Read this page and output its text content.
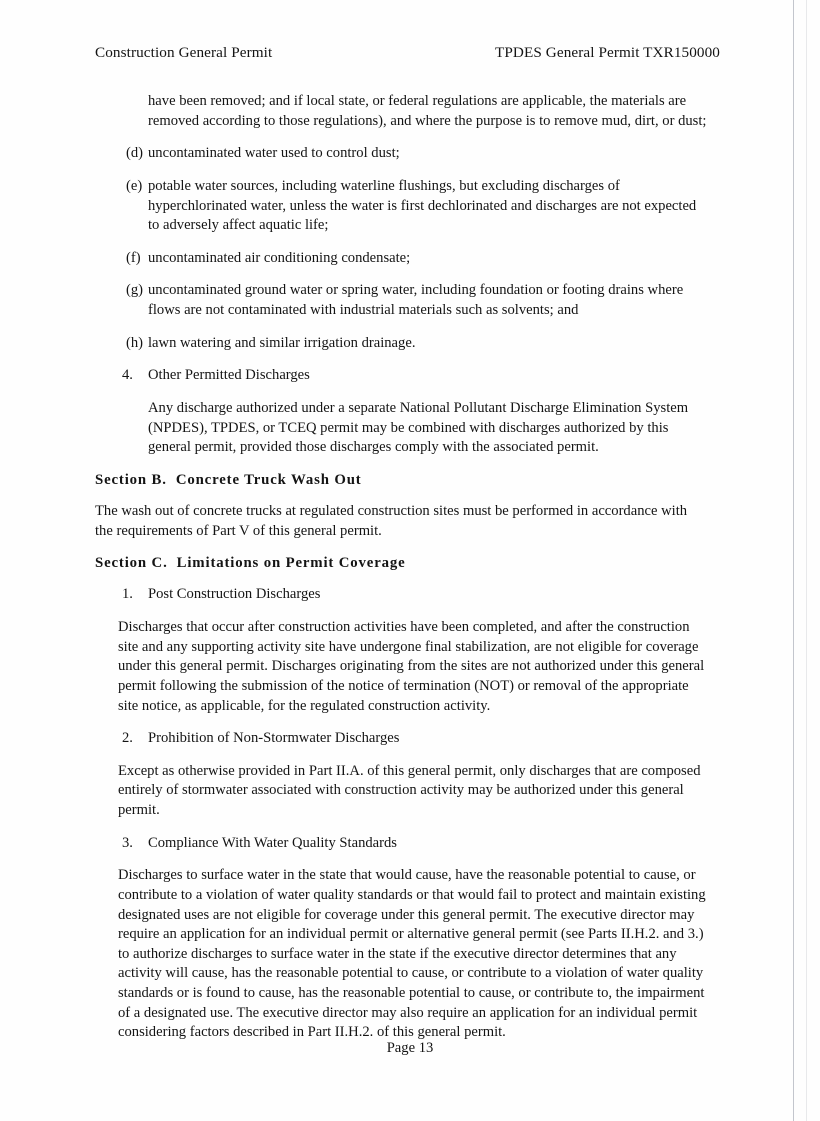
Construction General Permit	TPDES General Permit TXR150000

have been removed; and if local state, or federal regulations are applicable, the materials are removed according to those regulations), and where the purpose is to remove mud, dirt, or dust;

(d) uncontaminated water used to control dust;
(e) potable water sources, including waterline flushings, but excluding discharges of hyperchlorinated water, unless the water is first dechlorinated and discharges are not expected to adversely affect aquatic life;
(f) uncontaminated air conditioning condensate;
(g) uncontaminated ground water or spring water, including foundation or footing drains where flows are not contaminated with industrial materials such as solvents; and
(h) lawn watering and similar irrigation drainage.
4.	Other Permitted Discharges

Any discharge authorized under a separate National Pollutant Discharge Elimination System (NPDES), TPDES, or TCEQ permit may be combined with discharges authorized by this general permit, provided those discharges comply with the associated permit.

Section B. Concrete Truck Wash Out

The wash out of concrete trucks at regulated construction sites must be performed in accordance with the requirements of Part V of this general permit.

Section C. Limitations on Permit Coverage
1.	Post Construction Discharges

Discharges that occur after construction activities have been completed, and after the construction site and any supporting activity site have undergone final stabilization, are not eligible for coverage under this general permit. Discharges originating from the sites are not authorized under this general permit following the submission of the notice of termination (NOT) or removal of the appropriate site notice, as applicable, for the regulated construction activity.

2.	Prohibition of Non-Stormwater Discharges

Except as otherwise provided in Part II.A. of this general permit, only discharges that are composed entirely of stormwater associated with construction activity may be authorized under this general permit.

3.	Compliance With Water Quality Standards

Discharges to surface water in the state that would cause, have the reasonable potential to cause, or contribute to a violation of water quality standards or that would fail to protect and maintain existing designated uses are not eligible for coverage under this general permit. The executive director may require an application for an individual permit or alternative general permit (see Parts II.H.2. and 3.) to authorize discharges to surface water in the state if the executive director determines that any activity will cause, has the reasonable potential to cause, or contribute to a violation of water quality standards or is found to cause, has the reasonable potential to cause, or contribute to, the impairment of a designated use. The executive director may also require an application for an individual permit considering factors described in Part II.H.2. of this general permit.

Page 13
